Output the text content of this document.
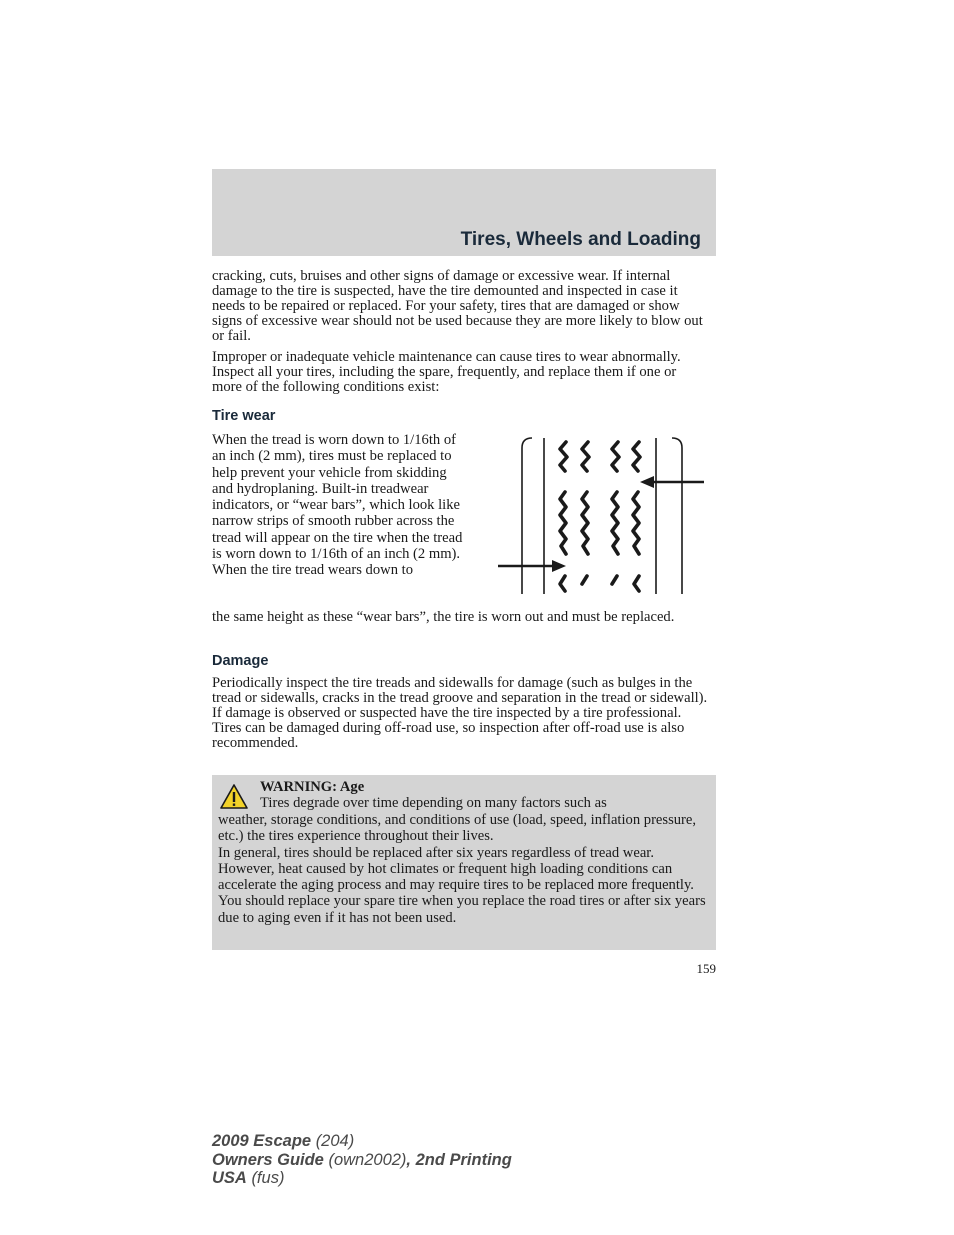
Tires, Wheels and Loading

cracking, cuts, bruises and other signs of damage or excessive wear. If internal damage to the tire is suspected, have the tire demounted and inspected in case it needs to be repaired or replaced. For your safety, tires that are damaged or show signs of excessive wear should not be used because they are more likely to blow out or fail.

Improper or inadequate vehicle maintenance can cause tires to wear abnormally. Inspect all your tires, including the spare, frequently, and replace them if one or more of the following conditions exist:

Tire wear

When the tread is worn down to 1/16th of an inch (2 mm), tires must be replaced to help prevent your vehicle from skidding and hydroplaning. Built-in treadwear indicators, or “wear bars”, which look like narrow strips of smooth rubber across the tread will appear on the tire when the tread is worn down to 1/16th of an inch (2 mm). When the tire tread wears down to

the same height as these “wear bars”, the tire is worn out and must be replaced.

Damage

Periodically inspect the tire treads and sidewalls for damage (such as bulges in the tread or sidewalls, cracks in the tread groove and separation in the tread or sidewall). If damage is observed or suspected have the tire inspected by a tire professional. Tires can be damaged during off-road use, so inspection after off-road use is also recommended.

WARNING: Age

Tires degrade over time depending on many factors such as

weather, storage conditions, and conditions of use (load, speed, inflation pressure, etc.) the tires experience throughout their lives.
In general, tires should be replaced after six years regardless of tread wear. However, heat caused by hot climates or frequent high loading conditions can accelerate the aging process and may require tires to be replaced more frequently.
You should replace your spare tire when you replace the road tires or after six years due to aging even if it has not been used.
159
2009 Escape (204)
Owners Guide (own2002), 2nd Printing
USA (fus)
